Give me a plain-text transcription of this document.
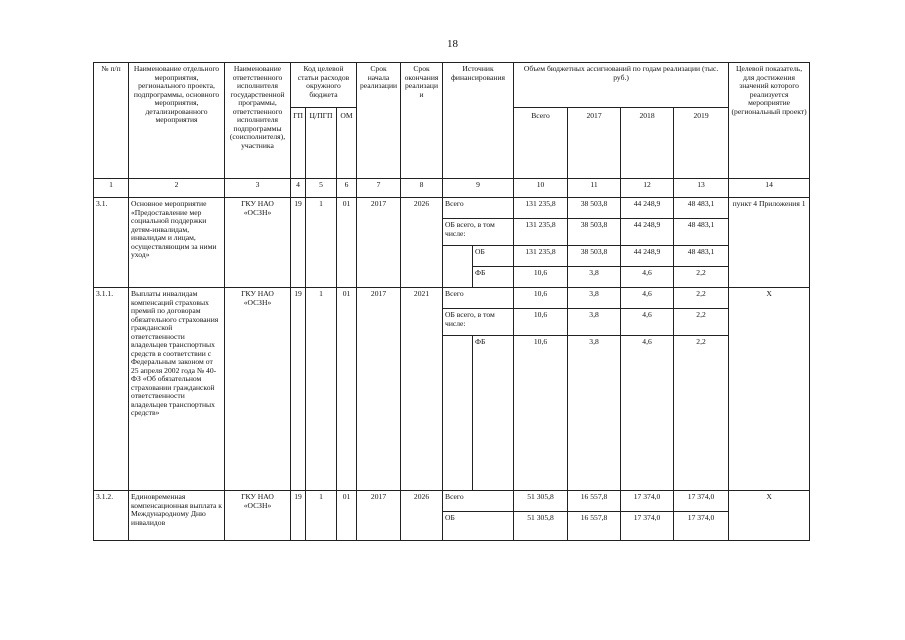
18
№ п/п	Наименование отдельного мероприятия, регионального проекта, подпрограммы, основного мероприятия, детализированного мероприятия	Наименование ответственного исполнителя государственной программы, ответственного исполнителя подпрограммы (соисполнителя), участника	Код целевой статьи расходов окружного бюджета			Срок начала реализации	Срок окончания реализации	Источник финансирования		Объем бюджетных ассигнований по годам реализации (тыс. руб.)				Целевой показатель, для достижения значений которого реализуется мероприятие (региональный проект)
			ГП	Ц/ПГП	ОМ					Всего	2017	2018	2019	
1	2	3	4	5	6	7	8	9		10	11	12	13	14
3.1.	Основное мероприятие «Предоставление мер социальной поддержки детям-инвалидам, инвалидам и лицам, осуществляющим за ними уход»	ГКУ НАО «ОСЗН»	19	1	01	2017	2026	Всего		131 235,8	38 503,8	44 248,9	48 483,1	пункт 4 Приложения 1
								ОБ всего, в том числе:		131 235,8	38 503,8	44 248,9	48 483,1	
									ОБ	131 235,8	38 503,8	44 248,9	48 483,1	
									ФБ	10,6	3,8	4,6	2,2	
3.1.1.	Выплаты инвалидам компенсаций страховых премий по договорам обязательного страхования гражданской ответственности владельцев транспортных средств в соответствии с Федеральным законом от 25 апреля 2002 года № 40-ФЗ «Об обязательном страховании гражданской ответственности владельцев транспортных средств»	ГКУ НАО «ОСЗН»	19	1	01	2017	2021	Всего		10,6	3,8	4,6	2,2	Х
								ОБ всего, в том числе:		10,6	3,8	4,6	2,2	
									ФБ	10,6	3,8	4,6	2,2	
3.1.2.	Единовременная компенсационная выплата к Международному Дню инвалидов	ГКУ НАО «ОСЗН»	19	1	01	2017	2026	Всего		51 305,8	16 557,8	17 374,0	17 374,0	Х
								ОБ		51 305,8	16 557,8	17 374,0	17 374,0	
